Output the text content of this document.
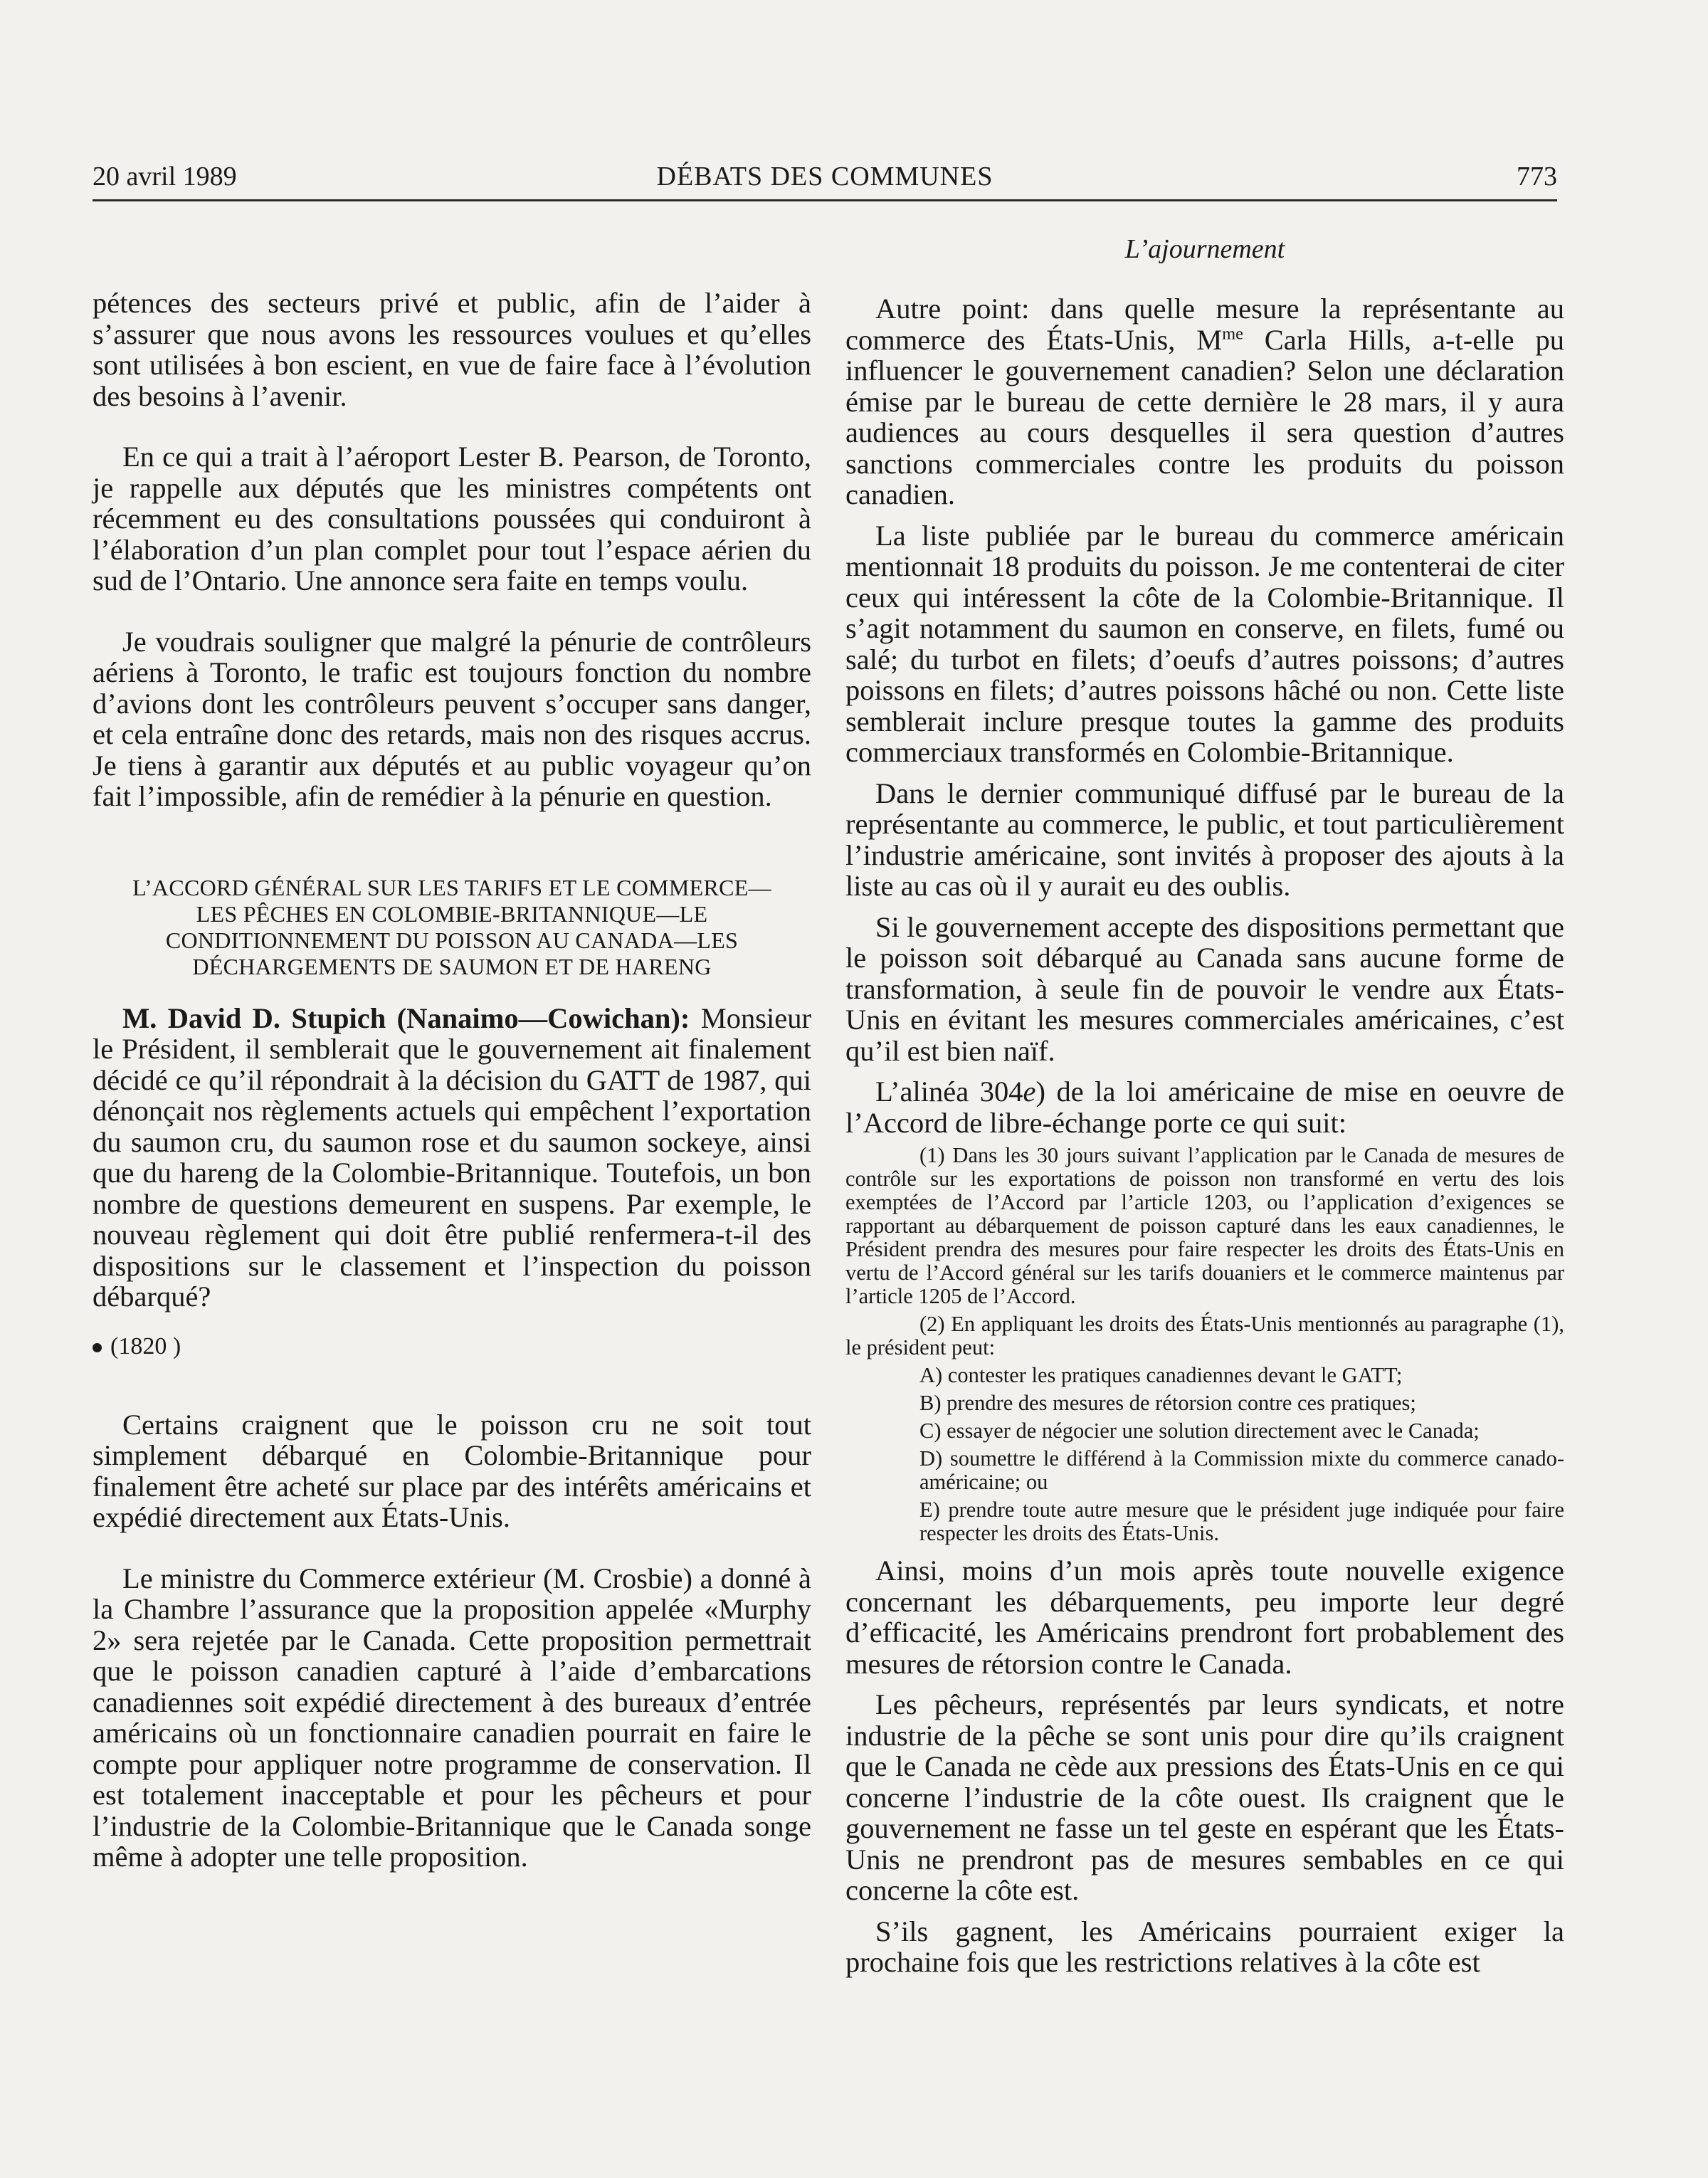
20 avril 1989	DÉBATS DES COMMUNES	773

pétences des secteurs privé et public, afin de l’aider à s’assurer que nous avons les ressources voulues et qu’elles sont utilisées à bon escient, en vue de faire face à l’évolution des besoins à l’avenir.

En ce qui a trait à l’aéroport Lester B. Pearson, de Toronto, je rappelle aux députés que les ministres compétents ont récemment eu des consultations poussées qui conduiront à l’élaboration d’un plan complet pour tout l’espace aérien du sud de l’Ontario. Une annonce sera faite en temps voulu.

Je voudrais souligner que malgré la pénurie de contrôleurs aériens à Toronto, le trafic est toujours fonction du nombre d’avions dont les contrôleurs peuvent s’occuper sans danger, et cela entraîne donc des retards, mais non des risques accrus. Je tiens à garantir aux députés et au public voyageur qu’on fait l’impossible, afin de remédier à la pénurie en question.

L’ACCORD GÉNÉRAL SUR LES TARIFS ET LE COMMERCE—LES PÊCHES EN COLOMBIE-BRITANNIQUE—LE CONDITIONNEMENT DU POISSON AU CANADA—LES DÉCHARGEMENTS DE SAUMON ET DE HARENG

M. David D. Stupich (Nanaimo—Cowichan): Monsieur le Président, il semblerait que le gouvernement ait finalement décidé ce qu’il répondrait à la décision du GATT de 1987, qui dénonçait nos règlements actuels qui empêchent l’exportation du saumon cru, du saumon rose et du saumon sockeye, ainsi que du hareng de la Colombie-Britannique. Toutefois, un bon nombre de questions demeurent en suspens. Par exemple, le nouveau règlement qui doit être publié renfermera-t-il des dispositions sur le classement et l’inspection du poisson débarqué?

(1820 )

Certains craignent que le poisson cru ne soit tout simplement débarqué en Colombie-Britannique pour finalement être acheté sur place par des intérêts américains et expédié directement aux États-Unis.

Le ministre du Commerce extérieur (M. Crosbie) a donné à la Chambre l’assurance que la proposition appelée «Murphy 2» sera rejetée par le Canada. Cette proposition permettrait que le poisson canadien capturé à l’aide d’embarcations canadiennes soit expédié directement à des bureaux d’entrée américains où un fonctionnaire canadien pourrait en faire le compte pour appliquer notre programme de conservation. Il est totalement inacceptable et pour les pêcheurs et pour l’industrie de la Colombie-Britannique que le Canada songe même à adopter une telle proposition.

L’ajournement

Autre point: dans quelle mesure la représentante au commerce des États-Unis, $M^{me}$ Carla Hills, a-t-elle pu influencer le gouvernement canadien? Selon une déclaration émise par le bureau de cette dernière le 28 mars, il y aura audiences au cours desquelles il sera question d’autres sanctions commerciales contre les produits du poisson canadien.

La liste publiée par le bureau du commerce américain mentionnait 18 produits du poisson. Je me contenterai de citer ceux qui intéressent la côte de la Colombie-Britannique. Il s’agit notamment du saumon en conserve, en filets, fumé ou salé; du turbot en filets; d’oeufs d’autres poissons; d’autres poissons en filets; d’autres poissons hâché ou non. Cette liste semblerait inclure presque toutes la gamme des produits commerciaux transformés en Colombie-Britannique.

Dans le dernier communiqué diffusé par le bureau de la représentante au commerce, le public, et tout particulièrement l’industrie américaine, sont invités à proposer des ajouts à la liste au cas où il y aurait eu des oublis.

Si le gouvernement accepte des dispositions permettant que le poisson soit débarqué au Canada sans aucune forme de transformation, à seule fin de pouvoir le vendre aux États-Unis en évitant les mesures commerciales américaines, c’est qu’il est bien naïf.

L’alinéa 304e) de la loi américaine de mise en oeuvre de l’Accord de libre-échange porte ce qui suit:

(1) Dans les 30 jours suivant l’application par le Canada de mesures de contrôle sur les exportations de poisson non transformé en vertu des lois exemptées de l’Accord par l’article 1203, ou l’application d’exigences se rapportant au débarquement de poisson capturé dans les eaux canadiennes, le Président prendra des mesures pour faire respecter les droits des États-Unis en vertu de l’Accord général sur les tarifs douaniers et le commerce maintenus par l’article 1205 de l’Accord.

(2) En appliquant les droits des États-Unis mentionnés au paragraphe (1), le président peut:

A) contester les pratiques canadiennes devant le GATT;

B) prendre des mesures de rétorsion contre ces pratiques;

C) essayer de négocier une solution directement avec le Canada;

D) soumettre le différend à la Commission mixte du commerce canado-américaine; ou

E) prendre toute autre mesure que le président juge indiquée pour faire respecter les droits des États-Unis.

Ainsi, moins d’un mois après toute nouvelle exigence concernant les débarquements, peu importe leur degré d’efficacité, les Américains prendront fort probablement des mesures de rétorsion contre le Canada.

Les pêcheurs, représentés par leurs syndicats, et notre industrie de la pêche se sont unis pour dire qu’ils craignent que le Canada ne cède aux pressions des États-Unis en ce qui concerne l’industrie de la côte ouest. Ils craignent que le gouvernement ne fasse un tel geste en espérant que les États-Unis ne prendront pas de mesures sembables en ce qui concerne la côte est.

S’ils gagnent, les Américains pourraient exiger la prochaine fois que les restrictions relatives à la côte est
